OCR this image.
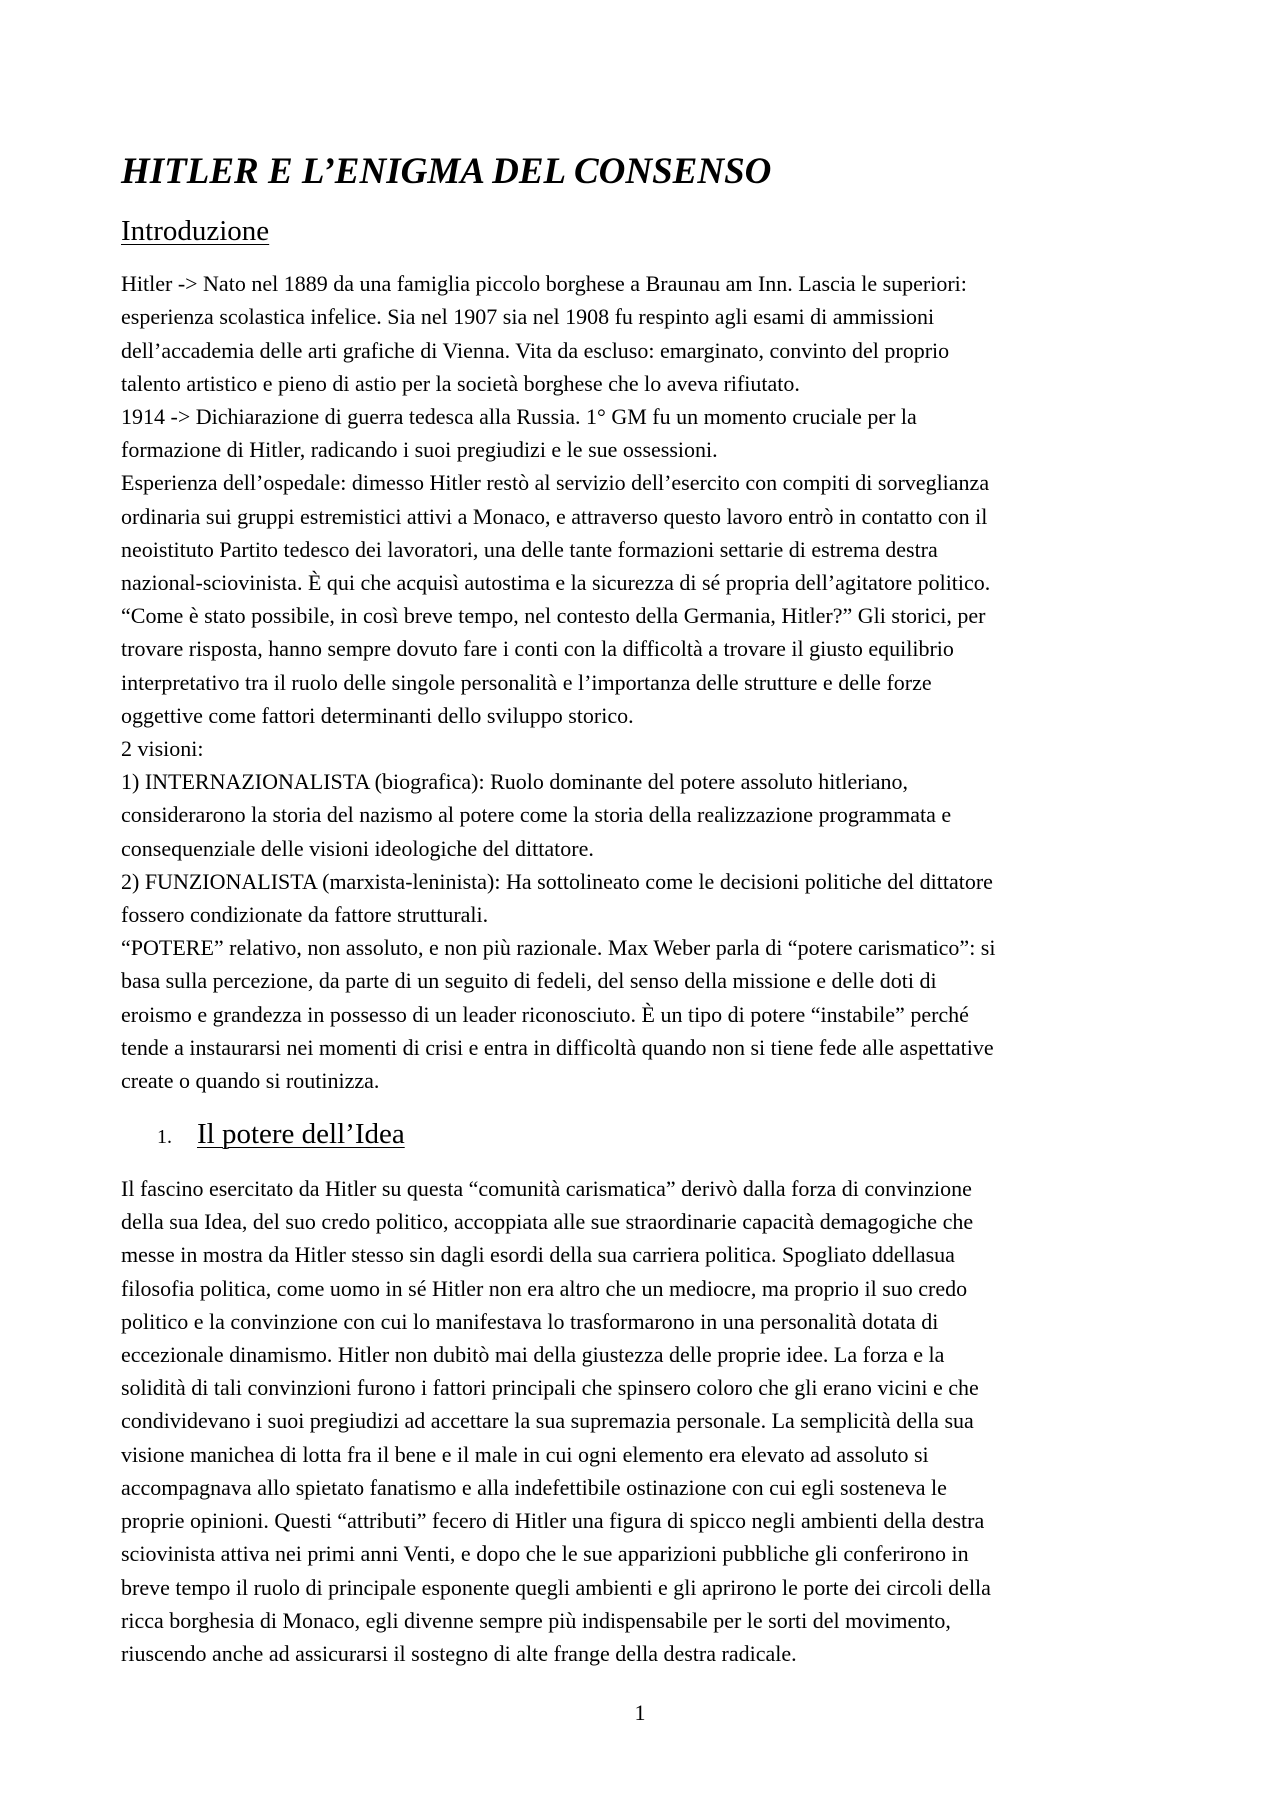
HITLER E L’ENIGMA DEL CONSENSO
Introduzione

Hitler -> Nato nel 1889 da una famiglia piccolo borghese a Braunau am Inn. Lascia le superiori:
esperienza scolastica infelice. Sia nel 1907 sia nel 1908 fu respinto agli esami di ammissioni
dell’accademia delle arti grafiche di Vienna. Vita da escluso: emarginato, convinto del proprio
talento artistico e pieno di astio per la società borghese che lo aveva rifiutato.
1914 -> Dichiarazione di guerra tedesca alla Russia. 1° GM fu un momento cruciale per la
formazione di Hitler, radicando i suoi pregiudizi e le sue ossessioni.
Esperienza dell’ospedale: dimesso Hitler restò al servizio dell’esercito con compiti di sorveglianza
ordinaria sui gruppi estremistici attivi a Monaco, e attraverso questo lavoro entrò in contatto con il
neoistituto Partito tedesco dei lavoratori, una delle tante formazioni settarie di estrema destra
nazional-sciovinista. È qui che acquisì autostima e la sicurezza di sé propria dell’agitatore politico.
“Come è stato possibile, in così breve tempo, nel contesto della Germania, Hitler?” Gli storici, per
trovare risposta, hanno sempre dovuto fare i conti con la difficoltà a trovare il giusto equilibrio
interpretativo tra il ruolo delle singole personalità e l’importanza delle strutture e delle forze
oggettive come fattori determinanti dello sviluppo storico.
2 visioni:
1) INTERNAZIONALISTA (biografica): Ruolo dominante del potere assoluto hitleriano,
considerarono la storia del nazismo al potere come la storia della realizzazione programmata e
consequenziale delle visioni ideologiche del dittatore.
2) FUNZIONALISTA (marxista-leninista): Ha sottolineato come le decisioni politiche del dittatore
fossero condizionate da fattore strutturali.
“POTERE” relativo, non assoluto, e non più razionale. Max Weber parla di “potere carismatico”: si
basa sulla percezione, da parte di un seguito di fedeli, del senso della missione e delle doti di
eroismo e grandezza in possesso di un leader riconosciuto. È un tipo di potere “instabile” perché
tende a instaurarsi nei momenti di crisi e entra in difficoltà quando non si tiene fede alle aspettative
create o quando si routinizza.

1. Il potere dell’Idea

Il fascino esercitato da Hitler su questa “comunità carismatica” derivò dalla forza di convinzione
della sua Idea, del suo credo politico, accoppiata alle sue straordinarie capacità demagogiche che
messe in mostra da Hitler stesso sin dagli esordi della sua carriera politica. Spogliato ddellasua
filosofia politica, come uomo in sé Hitler non era altro che un mediocre, ma proprio il suo credo
politico e la convinzione con cui lo manifestava lo trasformarono in una personalità dotata di
eccezionale dinamismo. Hitler non dubitò mai della giustezza delle proprie idee. La forza e la
solidità di tali convinzioni furono i fattori principali che spinsero coloro che gli erano vicini e che
condividevano i suoi pregiudizi ad accettare la sua supremazia personale. La semplicità della sua
visione manichea di lotta fra il bene e il male in cui ogni elemento era elevato ad assoluto si
accompagnava allo spietato fanatismo e alla indefettibile ostinazione con cui egli sosteneva le
proprie opinioni. Questi “attributi” fecero di Hitler una figura di spicco negli ambienti della destra
sciovinista attiva nei primi anni Venti, e dopo che le sue apparizioni pubbliche gli conferirono in
breve tempo il ruolo di principale esponente quegli ambienti e gli aprirono le porte dei circoli della
ricca borghesia di Monaco, egli divenne sempre più indispensabile per le sorti del movimento,
riuscendo anche ad assicurarsi il sostegno di alte frange della destra radicale.

1
